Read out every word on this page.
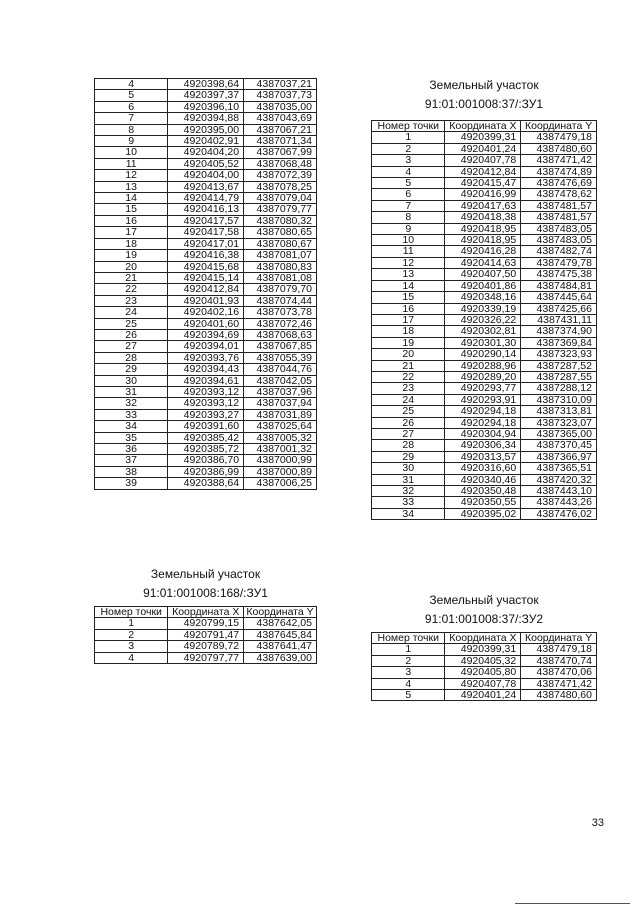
4	4920398,64	4387037,21
5	4920397,37	4387037,73
6	4920396,10	4387035,00
7	4920394,88	4387043,69
8	4920395,00	4387067,21
9	4920402,91	4387071,34
10	4920404,20	4387067,99
11	4920405,52	4387068,48
12	4920404,00	4387072,39
13	4920413,67	4387078,25
14	4920414,79	4387079,04
15	4920416,13	4387079,77
16	4920417,57	4387080,32
17	4920417,58	4387080,65
18	4920417,01	4387080,67
19	4920416,38	4387081,07
20	4920415,68	4387080,83
21	4920415,14	4387081,08
22	4920412,84	4387079,70
23	4920401,93	4387074,44
24	4920402,16	4387073,78
25	4920401,60	4387072,46
26	4920394,69	4387068,63
27	4920394,01	4387067,85
28	4920393,76	4387055,39
29	4920394,43	4387044,76
30	4920394,61	4387042,05
31	4920393,12	4387037,96
32	4920393,12	4387037,94
33	4920393,27	4387031,89
34	4920391,60	4387025,64
35	4920385,42	4387005,32
36	4920385,72	4387001,32
37	4920386,70	4387000,99
38	4920386,99	4387000,89
39	4920388,64	4387006,25
Земельный участок
91:01:001008:168/:ЗУ1
Номер точки	Координата X	Координата Y
1	4920799,15	4387642,05
2	4920791,47	4387645,84
3	4920789,72	4387641,47
4	4920797,77	4387639,00
Земельный участок
91:01:001008:37/:ЗУ1
Номер точки	Координата X	Координата Y
1	4920399,31	4387479,18
2	4920401,24	4387480,60
3	4920407,78	4387471,42
4	4920412,84	4387474,89
5	4920415,47	4387476,69
6	4920416,99	4387478,62
7	4920417,63	4387481,57
8	4920418,38	4387481,57
9	4920418,95	4387483,05
10	4920418,95	4387483,05
11	4920416,28	4387482,74
12	4920414,63	4387479,78
13	4920407,50	4387475,38
14	4920401,86	4387484,81
15	4920348,16	4387445,64
16	4920339,19	4387425,66
17	4920326,22	4387431,11
18	4920302,81	4387374,90
19	4920301,30	4387369,84
20	4920290,14	4387323,93
21	4920288,96	4387287,52
22	4920289,20	4387287,55
23	4920293,77	4387288,12
24	4920293,91	4387310,09
25	4920294,18	4387313,81
26	4920294,18	4387323,07
27	4920304,94	4387365,00
28	4920306,34	4387370,45
29	4920313,57	4387366,97
30	4920316,60	4387365,51
31	4920340,46	4387420,32
32	4920350,48	4387443,10
33	4920350,55	4387443,26
34	4920395,02	4387476,02
Земельный участок
91:01:001008:37/:ЗУ2
Номер точки	Координата X	Координата Y
1	4920399,31	4387479,18
2	4920405,32	4387470,74
3	4920405,80	4387470,06
4	4920407,78	4387471,42
5	4920401,24	4387480,60
33
